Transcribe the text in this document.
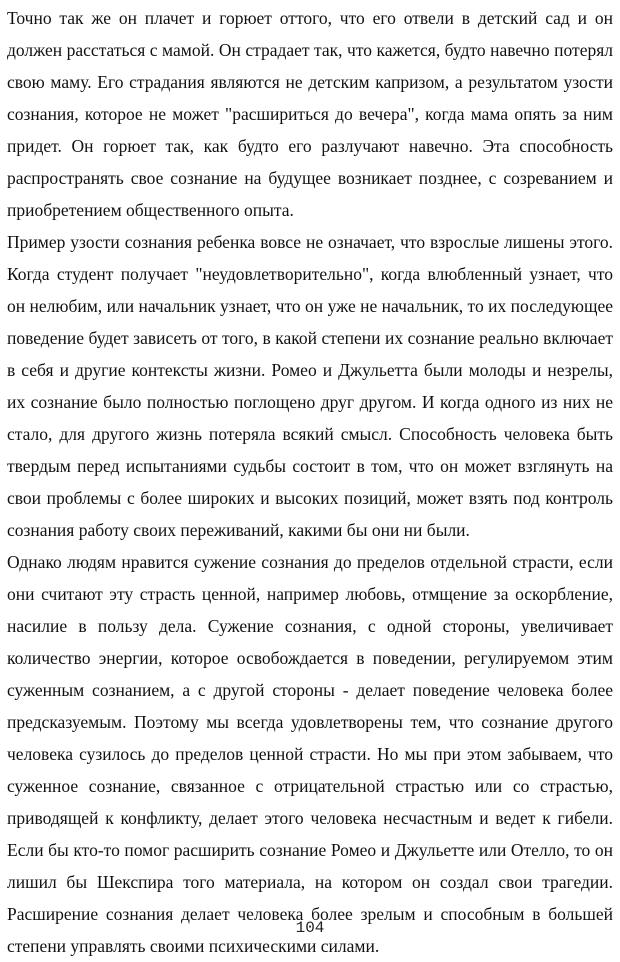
Точно так же он плачет и горюет оттого, что его отвели в детский сад и он
должен расстаться с мамой. Он страдает так, что кажется, будто навечно потерял
свою маму. Его страдания являются не детским капризом, а результатом узости
сознания, которое не может "расшириться до вечера", когда мама опять за ним
придет. Он горюет так, как будто его разлучают навечно. Эта способность
распространять свое сознание на будущее возникает позднее, с созреванием и
приобретением общественного опыта.
Пример узости сознания ребенка вовсе не означает, что взрослые лишены этого.
Когда студент получает "неудовлетворительно", когда влюбленный узнает, что
он нелюбим, или начальник узнает, что он уже не начальник, то их последующее
поведение будет зависеть от того, в какой степени их сознание реально включает
в себя и другие контексты жизни. Ромео и Джульетта были молоды и незрелы,
их сознание было полностью поглощено друг другом. И когда одного из них не
стало, для другого жизнь потеряла всякий смысл. Способность человека быть
твердым перед испытаниями судьбы состоит в том, что он может взглянуть на
свои проблемы с более широких и высоких позиций, может взять под контроль
сознания работу своих переживаний, какими бы они ни были.
Однако людям нравится сужение сознания до пределов отдельной страсти, если
они считают эту страсть ценной, например любовь, отмщение за оскорбление,
насилие в пользу дела. Сужение сознания, с одной стороны, увеличивает
количество энергии, которое освобождается в поведении, регулируемом этим
суженным сознанием, а с другой стороны - делает поведение человека более
предсказуемым. Поэтому мы всегда удовлетворены тем, что сознание другого
человека сузилось до пределов ценной страсти. Но мы при этом забываем, что
суженное сознание, связанное с отрицательной страстью или со страстью,
приводящей к конфликту, делает этого человека несчастным и ведет к гибели.
Если бы кто-то помог расширить сознание Ромео и Джульетте или Отелло, то он
лишил бы Шекспира того материала, на котором он создал свои трагедии.
Расширение сознания делает человека более зрелым и способным в большей
степени управлять своими психическими силами.
104
